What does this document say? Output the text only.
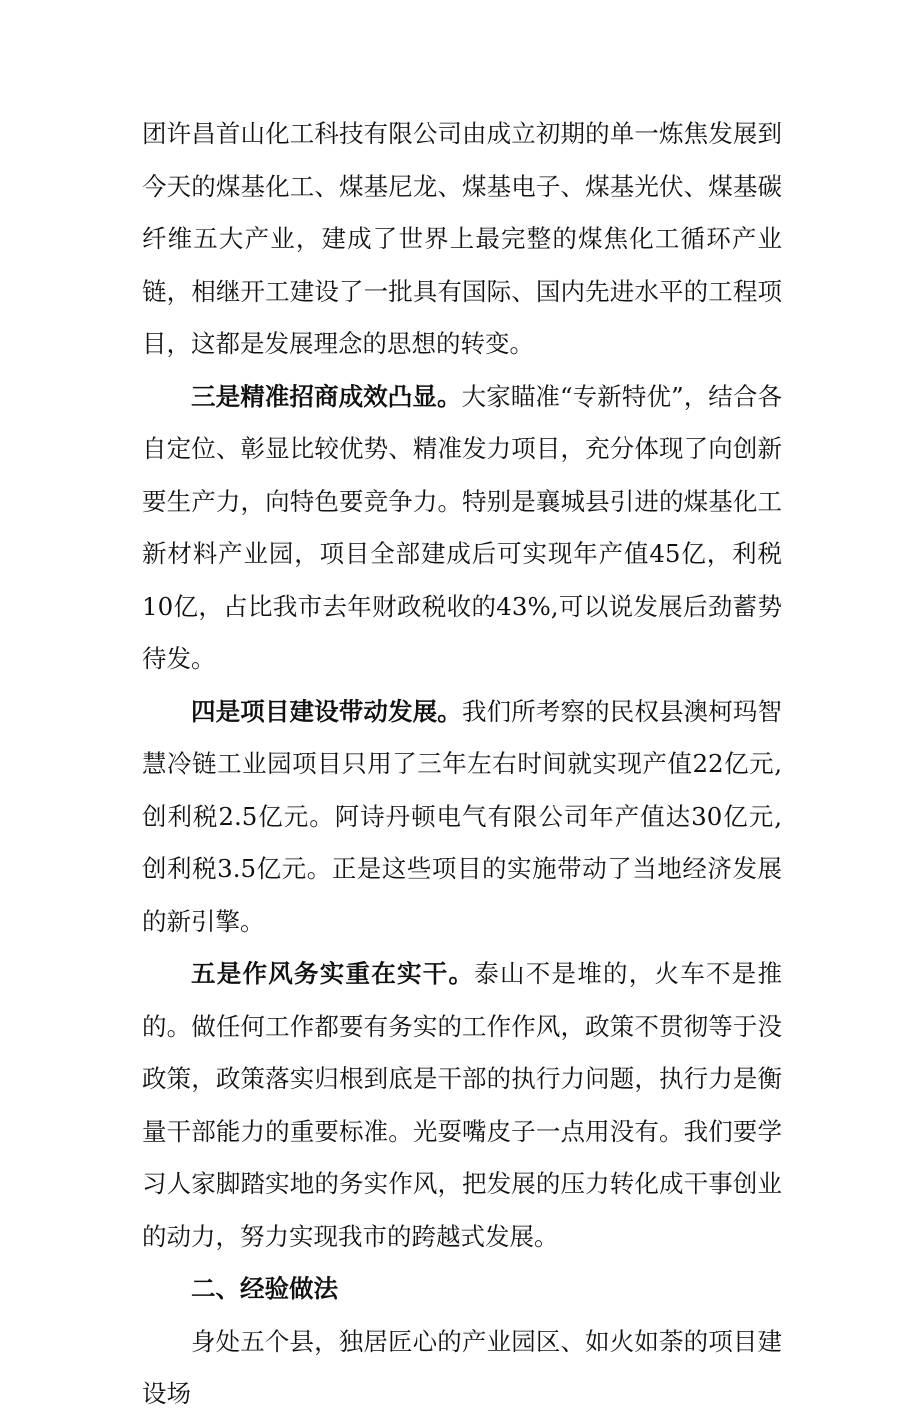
团许昌首山化工科技有限公司由成立初期的单一炼焦发展到今天的煤基化工、煤基尼龙、煤基电子、煤基光伏、煤基碳纤维五大产业，建成了世界上最完整的煤焦化工循环产业链，相继开工建设了一批具有国际、国内先进水平的工程项目，这都是发展理念的思想的转变。

三是精准招商成效凸显。大家瞄准“专新特优”，结合各自定位、彰显比较优势、精准发力项目，充分体现了向创新要生产力，向特色要竞争力。特别是襄城县引进的煤基化工新材料产业园，项目全部建成后可实现年产值45亿，利税10亿，占比我市去年财政税收的43%,可以说发展后劲蓄势待发。

四是项目建设带动发展。我们所考察的民权县澳柯玛智慧冷链工业园项目只用了三年左右时间就实现产值22亿元,创利税2.5亿元。阿诗丹顿电气有限公司年产值达30亿元,创利税3.5亿元。正是这些项目的实施带动了当地经济发展的新引擎。

五是作风务实重在实干。泰山不是堆的，火车不是推的。做任何工作都要有务实的工作作风，政策不贯彻等于没政策，政策落实归根到底是干部的执行力问题，执行力是衡量干部能力的重要标准。光耍嘴皮子一点用没有。我们要学习人家脚踏实地的务实作风，把发展的压力转化成干事创业的动力，努力实现我市的跨越式发展。

二、经验做法

身处五个县，独居匠心的产业园区、如火如荼的项目建设场
